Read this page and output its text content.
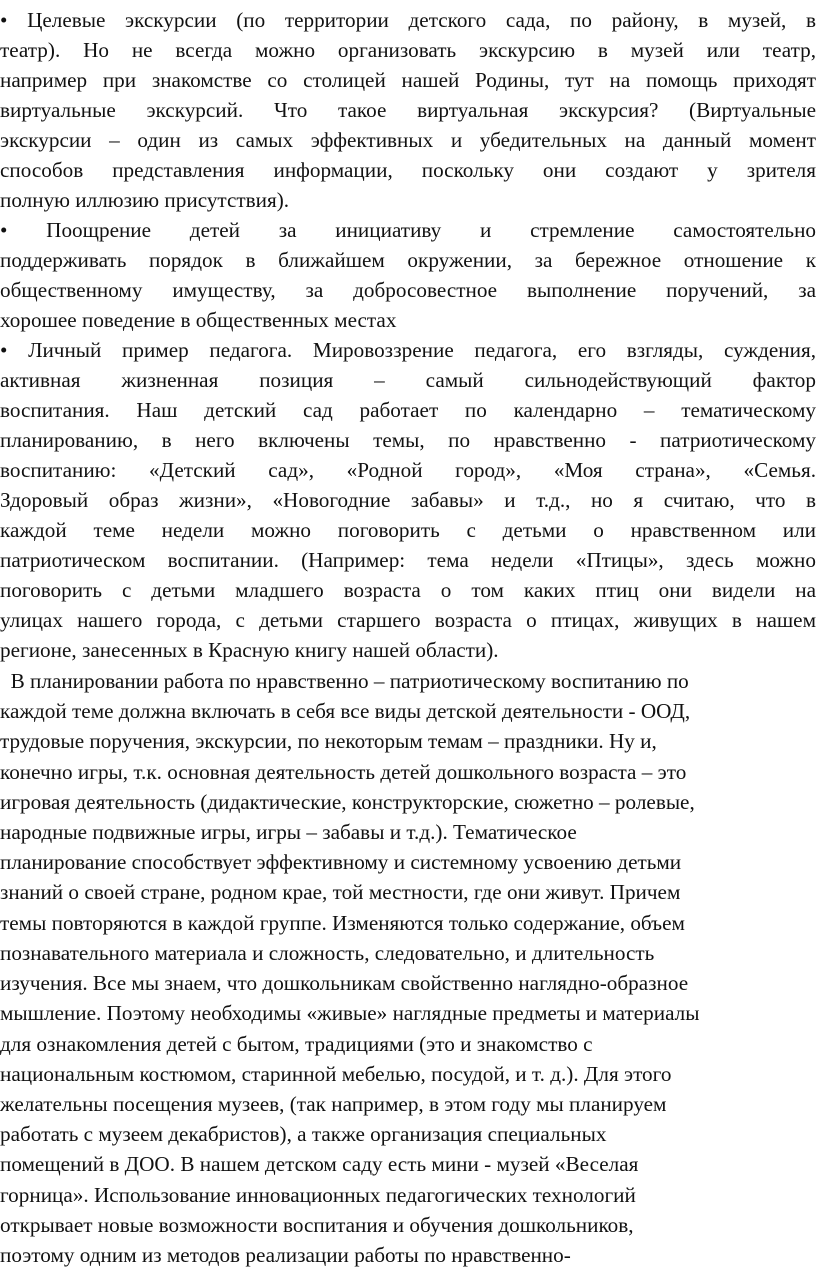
• Целевые экскурсии (по территории детского сада, по району, в музей, в
театр). Но не всегда можно организовать экскурсию в музей или театр,
например при знакомстве со столицей нашей Родины, тут на помощь приходят
виртуальные экскурсий. Что такое виртуальная экскурсия? (Виртуальные
экскурсии – один из самых эффективных и убедительных на данный момент
способов представления информации, поскольку они создают у зрителя
полную иллюзию присутствия).
• Поощрение детей за инициативу и стремление самостоятельно
поддерживать порядок в ближайшем окружении, за бережное отношение к
общественному имуществу, за добросовестное выполнение поручений, за
хорошее поведение в общественных местах
• Личный пример педагога. Мировоззрение педагога, его взгляды, суждения,
активная жизненная позиция – самый сильнодействующий фактор
воспитания. Наш детский сад работает по календарно – тематическому
планированию, в него включены темы, по нравственно - патриотическому
воспитанию: «Детский сад», «Родной город», «Моя страна», «Семья.
Здоровый образ жизни», «Новогодние забавы» и т.д., но я считаю, что в
каждой теме недели можно поговорить с детьми о нравственном или
патриотическом воспитании. (Например: тема недели «Птицы», здесь можно
поговорить с детьми младшего возраста о том каких птиц они видели на
улицах нашего города, с детьми старшего возраста о птицах, живущих в нашем
регионе, занесенных в Красную книгу нашей области).
В планировании работа по нравственно – патриотическому воспитанию по
каждой теме должна включать в себя все виды детской деятельности - ООД,
трудовые поручения, экскурсии, по некоторым темам – праздники. Ну и,
конечно игры, т.к. основная деятельность детей дошкольного возраста – это
игровая деятельность (дидактические, конструкторские, сюжетно – ролевые,
народные подвижные игры, игры – забавы и т.д.). Тематическое
планирование способствует эффективному и системному усвоению детьми
знаний о своей стране, родном крае, той местности, где они живут. Причем
темы повторяются в каждой группе. Изменяются только содержание, объем
познавательного материала и сложность, следовательно, и длительность
изучения. Все мы знаем, что дошкольникам свойственно наглядно-образное
мышление. Поэтому необходимы «живые» наглядные предметы и материалы
для ознакомления детей с бытом, традициями (это и знакомство с
национальным костюмом, старинной мебелью, посудой, и т. д.). Для этого
желательны посещения музеев, (так например, в этом году мы планируем
работать с музеем декабристов), а также организация специальных
помещений в ДОО. В нашем детском саду есть мини - музей «Веселая
горница». Использование инновационных педагогических технологий
открывает новые возможности воспитания и обучения дошкольников,
поэтому одним из методов реализации работы по нравственно-
